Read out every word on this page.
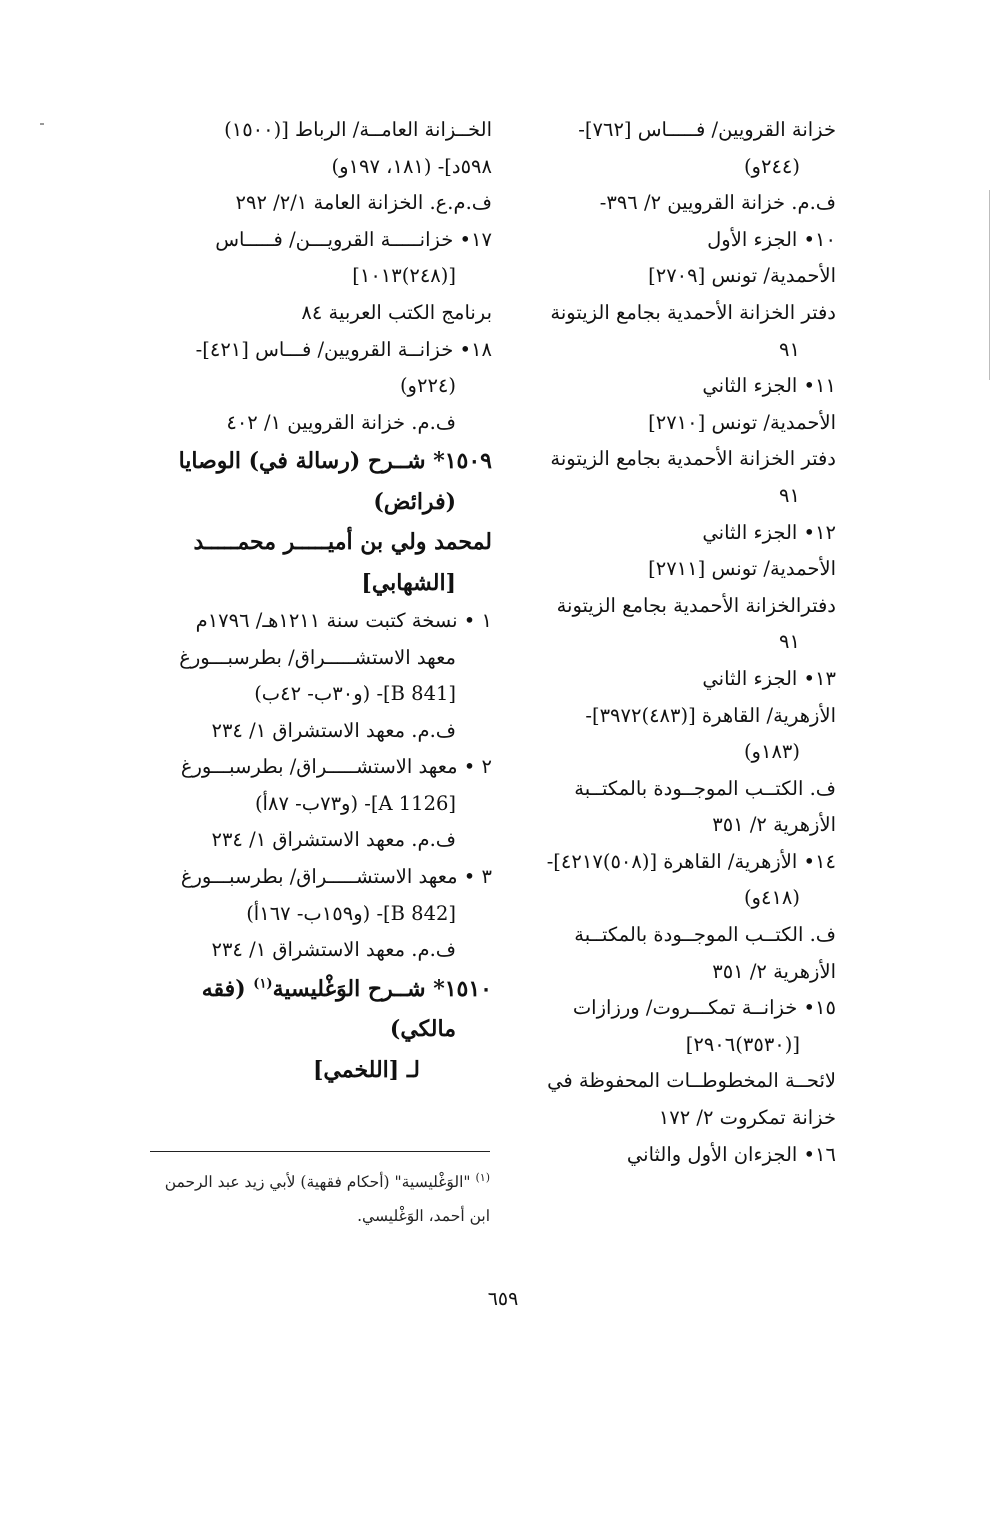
خزانة القرويين/ فـــــاس [٧٦٢]-
(٢٤٤و)
ف.م. خزانة القرويين ٢/ ٣٩٦-
١٠• الجزء الأول
الأحمدية/ تونس [٢٧٠٩]
دفتر الخزانة الأحمدية بجامع الزيتونة
٩١
١١• الجزء الثاني
الأحمدية/ تونس [٢٧١٠]
دفتر الخزانة الأحمدية بجامع الزيتونة
٩١
١٢• الجزء الثاني
الأحمدية/ تونس [٢٧١١]
دفترالخزانة الأحمدية بجامع الزيتونة
٩١
١٣• الجزء الثاني
الأزهرية/ القاهرة [(٤٨٣)٣٩٧٢]-
(١٨٣و)
ف. الكتــب الموجــودة بالمكتــبة
الأزهرية ٢/ ٣٥١
١٤• الأزهرية/ القاهرة [(٥٠٨)٤٢١٧]-
(٤١٨و)
ف. الكتــب الموجــودة بالمكتــبة
الأزهرية ٢/ ٣٥١
١٥• خزانــة تمكـــروت/ ورزازات
[(٣٥٣٠)٢٩٠٦]
لائحــة المخطوطــات المحفوظة في
خزانة تمكروت ٢/ ١٧٢
١٦• الجزءان الأول والثاني
الخــزانة العامــة/ الرباط [(١٥٠٠)
٥٩٨د]- (١٨١، ١٩٧و)
ف.م.ع. الخزانة العامة ٢/١/ ٢٩٢
١٧• خزانـــــة القرويـــن/ فـــــاس
[(٢٤٨)١٠١٣]
برنامج الكتب العربية ٨٤
١٨• خزانــة القرويين/ فـــاس [٤٢١]-
(٢٢٤و)
ف.م. خزانة القرويين ١/ ٤٠٢
١٥٠٩* شــرح (رسالة في) الوصايا
(فرائض)
لمحمد ولي بن أميـــــر محمـــــد
[الشهابي]
١ • نسخة كتبت سنة ١٢١١هـ/ ١٧٩٦م
معهد الاستشـــــراق/ بطرسبـــورغ
[B 841]- (و٣٠ب- ٤٢ب)
ف.م. معهد الاستشراق ١/ ٢٣٤
٢ • معهد الاستشـــــراق/ بطرسبـــورغ
[A 1126]- (و٧٣ب- ٨٧أ)
ف.م. معهد الاستشراق ١/ ٢٣٤
٣ • معهد الاستشـــــراق/ بطرسبـــورغ
[B 842]- (و١٥٩ب- ١٦٧أ)
ف.م. معهد الاستشراق ١/ ٢٣٤
١٥١٠* شــرح الوَغْليسية$^{(١)}$ (فقه
مالكي)
لـ [اللخمي]
$^{(١)}$ "الوَغْليسية" (أحكام فقهية) لأبي زيد عبد الرحمن
ابن أحمد، الوَغْليسي.
٦٥٩
